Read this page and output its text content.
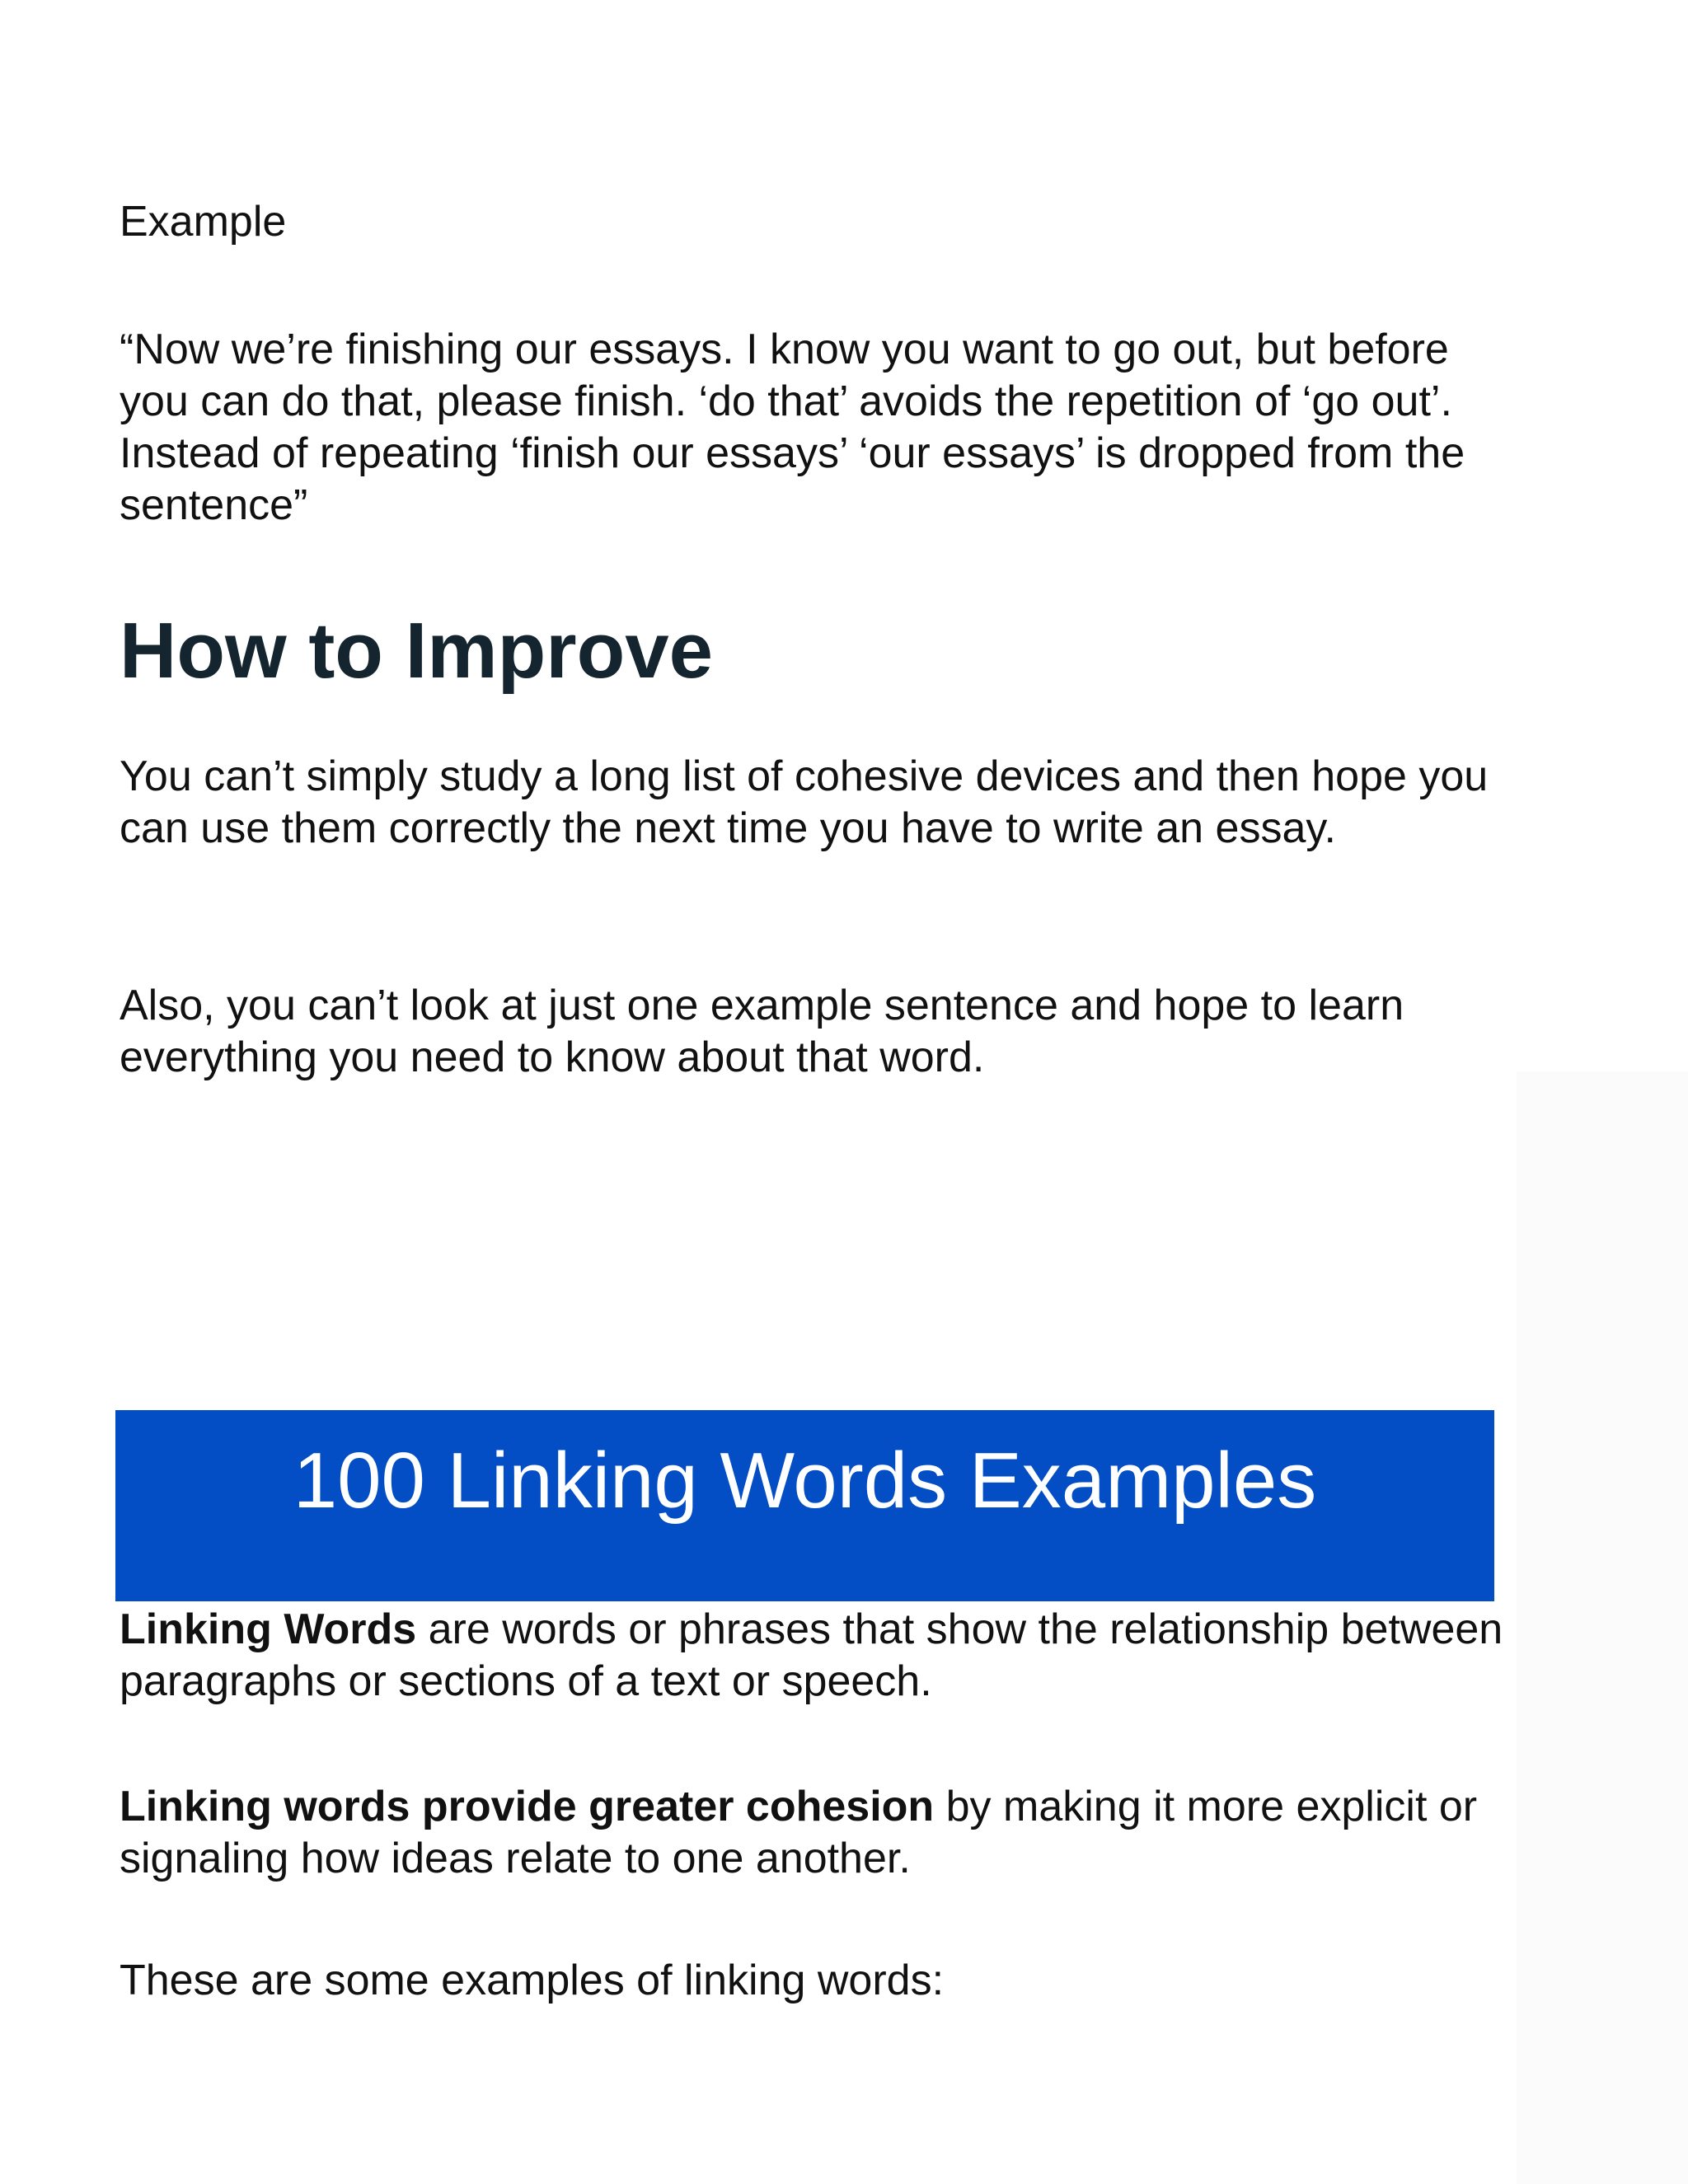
Example

“Now we’re finishing our essays. I know you want to go out, but before you can do that, please finish. ‘do that’ avoids the repetition of ‘go out’. Instead of repeating ‘finish our essays’ ‘our essays’ is dropped from the sentence”

How to Improve

You can’t simply study a long list of cohesive devices and then hope you can use them correctly the next time you have to write an essay.

Also, you can’t look at just one example sentence and hope to learn everything you need to know about that word.

100 Linking Words Examples

Linking Words are words or phrases that show the relationship between paragraphs or sections of a text or speech.

Linking words provide greater cohesion by making it more explicit or signaling how ideas relate to one another.

These are some examples of linking words:
